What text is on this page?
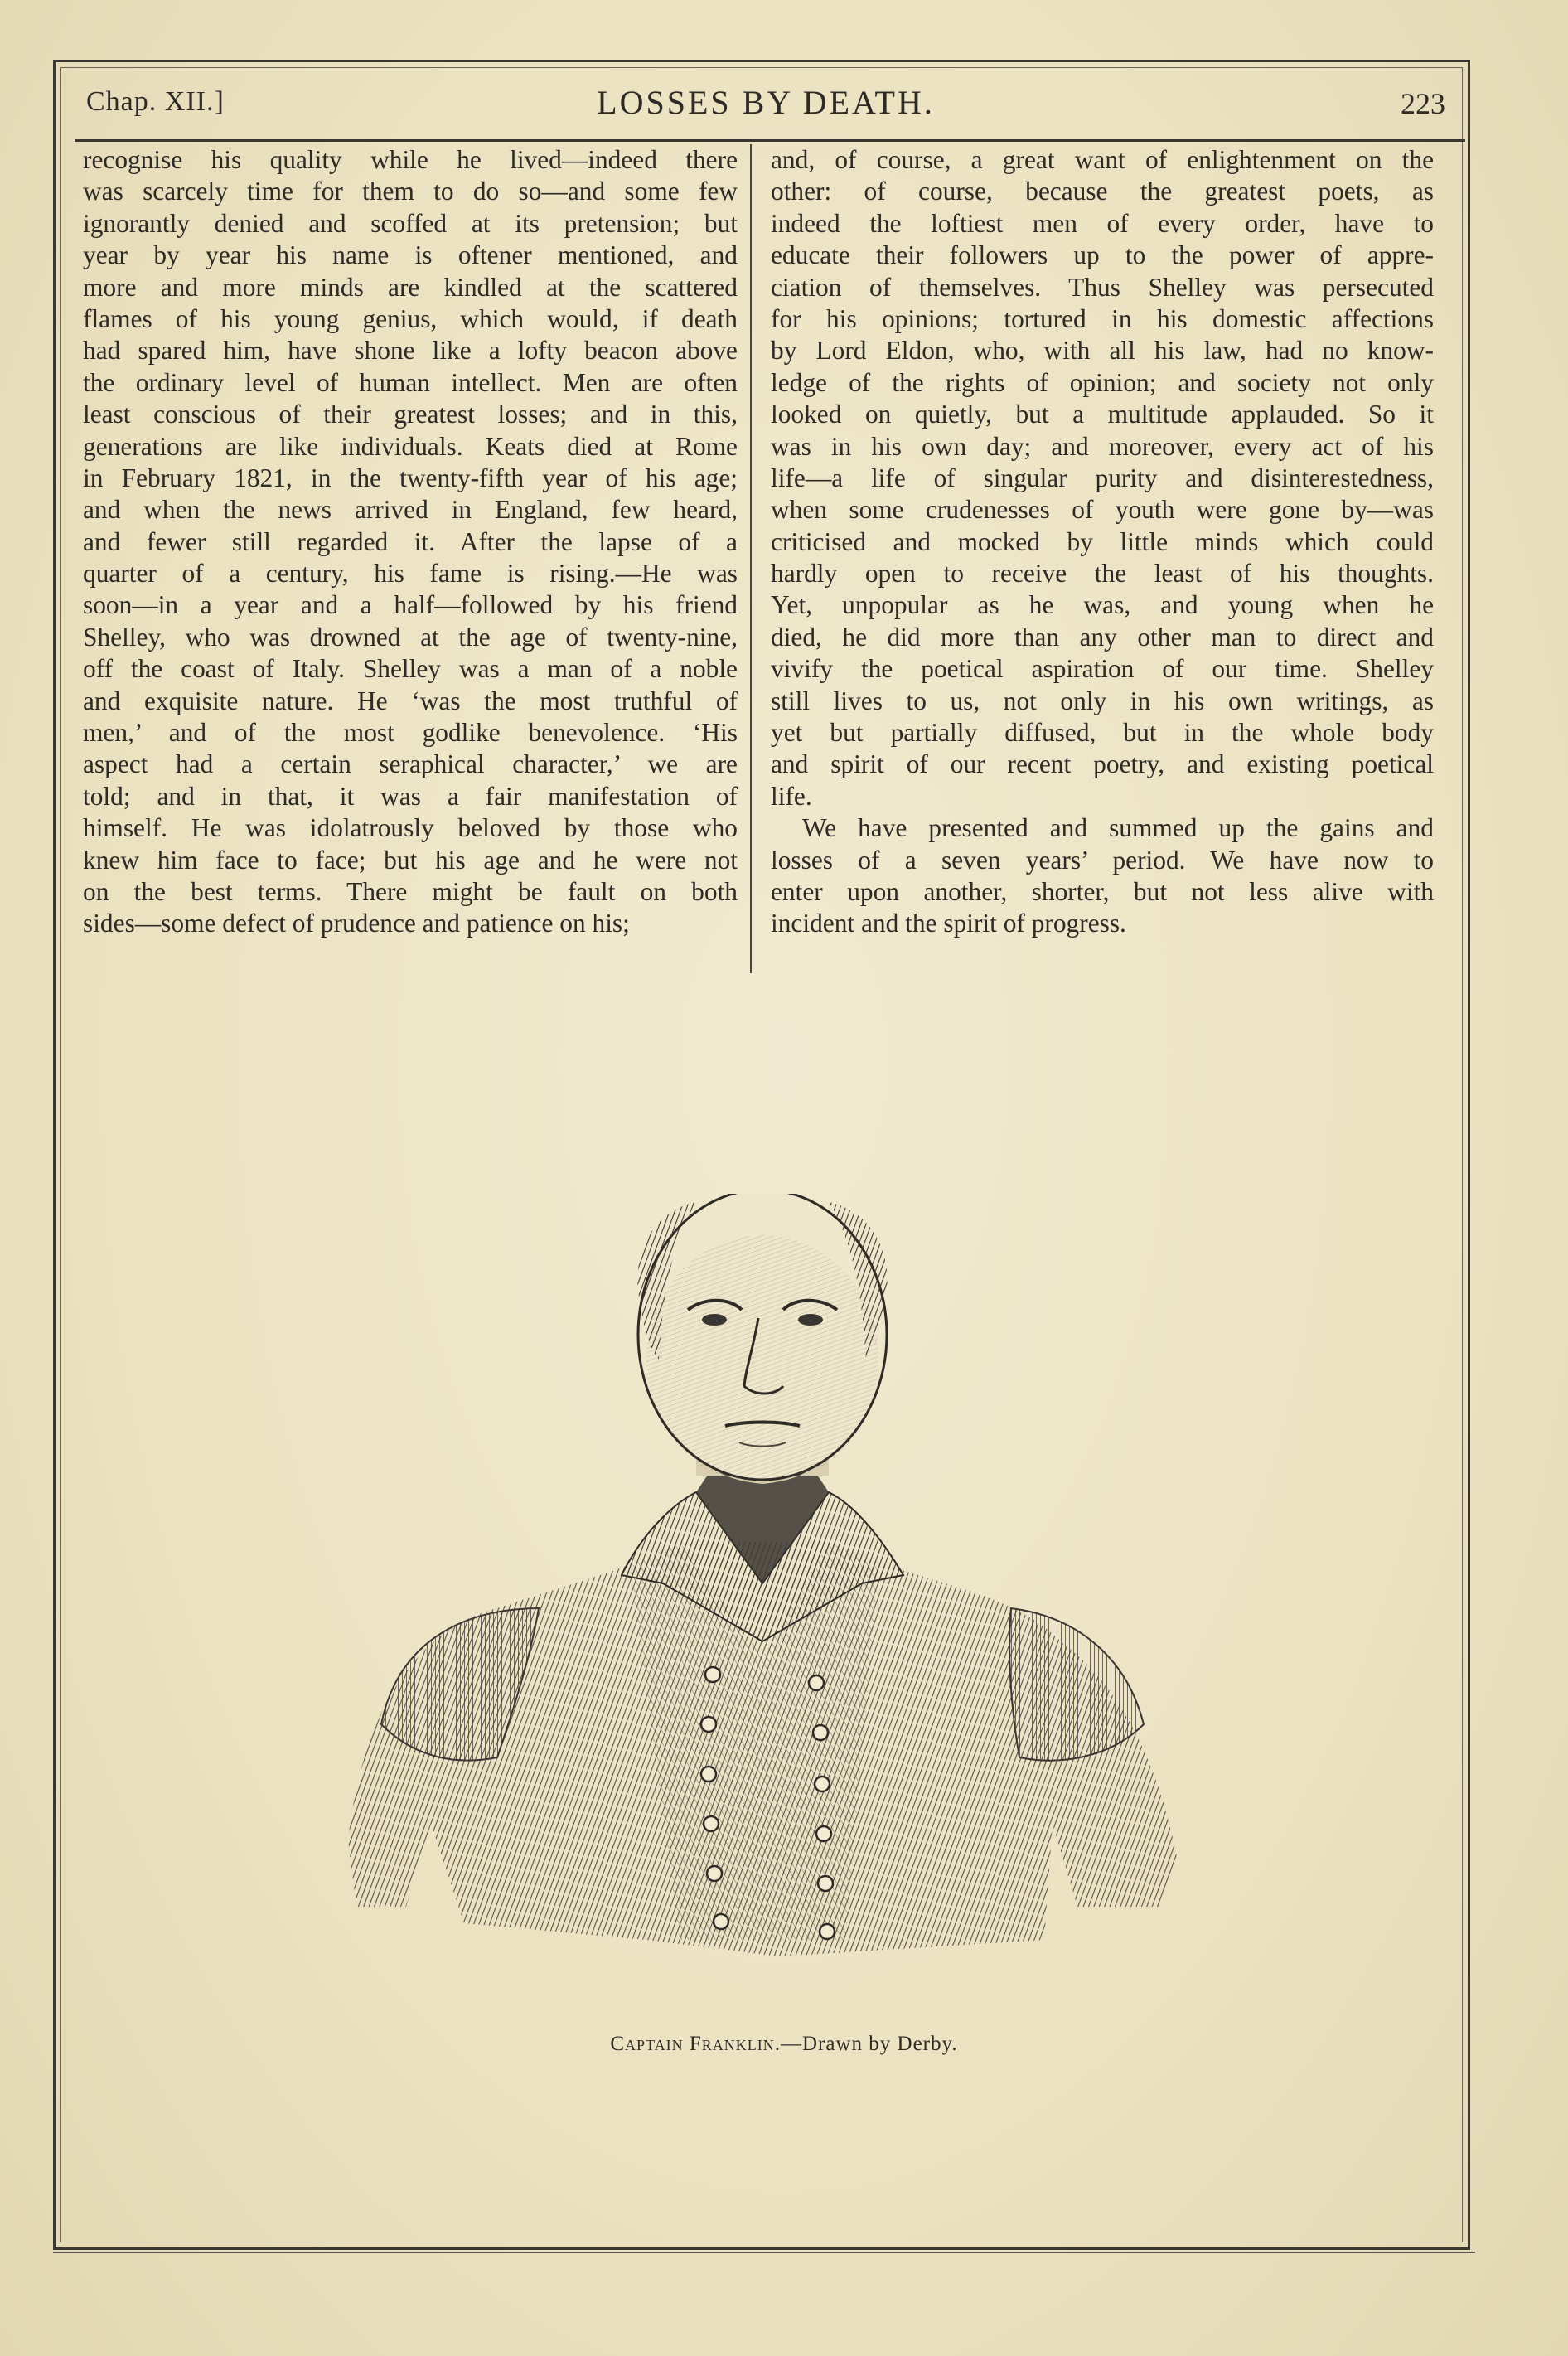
Chap. XII.]	LOSSES BY DEATH.	223
recognise his quality while he lived—indeed there
was scarcely time for them to do so—and some few
ignorantly denied and scoffed at its pretension; but
year by year his name is oftener mentioned, and
more and more minds are kindled at the scattered
flames of his young genius, which would, if death
had spared him, have shone like a lofty beacon above
the ordinary level of human intellect. Men are often
least conscious of their greatest losses; and in this,
generations are like individuals. Keats died at Rome
in February 1821, in the twenty-fifth year of his age;
and when the news arrived in England, few heard,
and fewer still regarded it. After the lapse of a
quarter of a century, his fame is rising.—He was
soon—in a year and a half—followed by his friend
Shelley, who was drowned at the age of twenty-nine,
off the coast of Italy. Shelley was a man of a noble
and exquisite nature. He ‘was the most truthful of
men,’ and of the most godlike benevolence. ‘His
aspect had a certain seraphical character,’ we are
told; and in that, it was a fair manifestation of
himself. He was idolatrously beloved by those who
knew him face to face; but his age and he were not
on the best terms. There might be fault on both
sides—some defect of prudence and patience on his;
and, of course, a great want of enlightenment on the
other: of course, because the greatest poets, as
indeed the loftiest men of every order, have to
educate their followers up to the power of appre-
ciation of themselves. Thus Shelley was persecuted
for his opinions; tortured in his domestic affections
by Lord Eldon, who, with all his law, had no know-
ledge of the rights of opinion; and society not only
looked on quietly, but a multitude applauded. So it
was in his own day; and moreover, every act of his
life—a life of singular purity and disinterestedness,
when some crudenesses of youth were gone by—was
criticised and mocked by little minds which could
hardly open to receive the least of his thoughts.
Yet, unpopular as he was, and young when he
died, he did more than any other man to direct and
vivify the poetical aspiration of our time. Shelley
still lives to us, not only in his own writings, as
yet but partially diffused, but in the whole body
and spirit of our recent poetry, and existing poetical
life.
We have presented and summed up the gains and
losses of a seven years’ period. We have now to
enter upon another, shorter, but not less alive with
incident and the spirit of progress.
Captain Franklin.—Drawn by Derby.
